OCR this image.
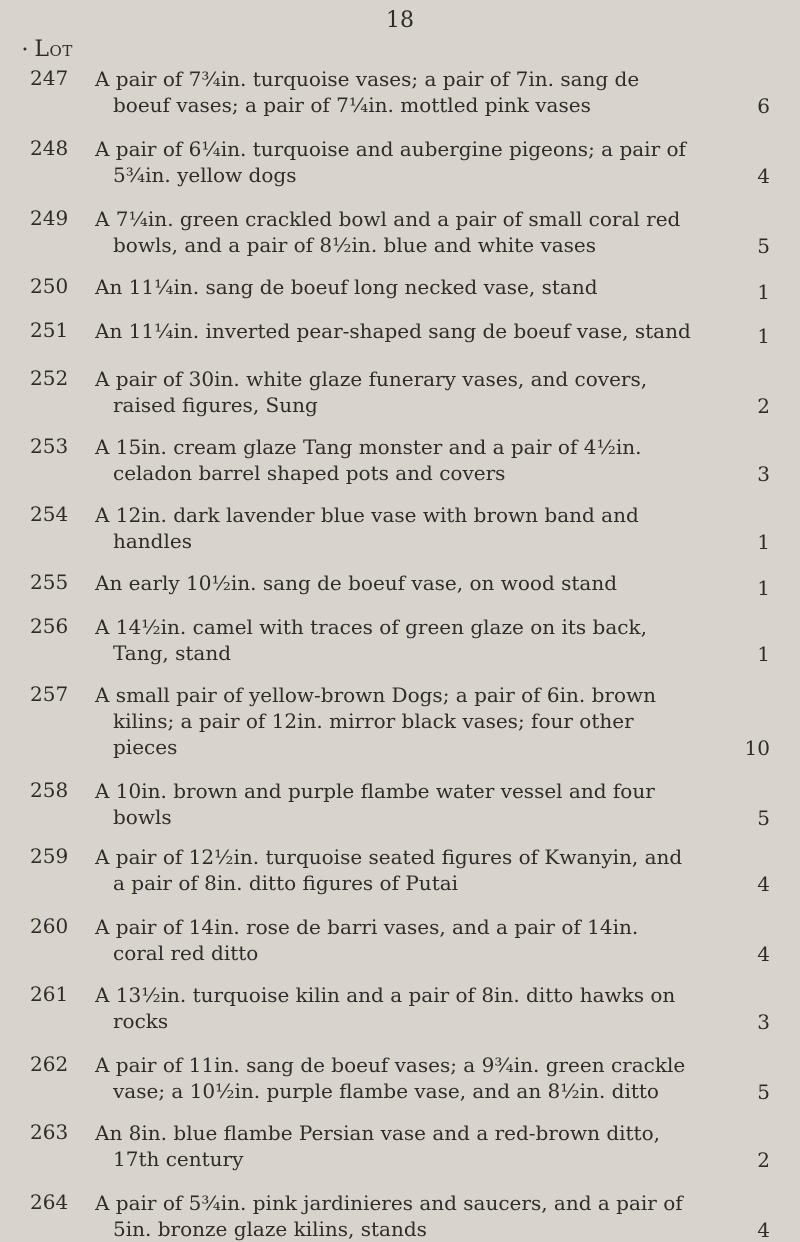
18
• Lot
247 A pair of 7¾in. turquoise vases; a pair of 7in. sang de boeuf vases; a pair of 7¼in. mottled pink vases	6
248 A pair of 6¼in. turquoise and aubergine pigeons; a pair of 5¾in. yellow dogs	4
249 A 7¼in. green crackled bowl and a pair of small coral red bowls, and a pair of 8½in. blue and white vases	5
250 An 11¼in. sang de boeuf long necked vase, stand	1
251 An 11¼in. inverted pear-shaped sang de boeuf vase, stand	1
252 A pair of 30in. white glaze funerary vases, and covers, raised figures, Sung	2
253 A 15in. cream glaze Tang monster and a pair of 4½in. celadon barrel shaped pots and covers	3
254 A 12in. dark lavender blue vase with brown band and handles	1
255 An early 10½in. sang de boeuf vase, on wood stand	1
256 A 14½in. camel with traces of green glaze on its back, Tang, stand	1
257 A small pair of yellow-brown Dogs; a pair of 6in. brown kilins; a pair of 12in. mirror black vases; four other pieces	10
258 A 10in. brown and purple flambe water vessel and four bowls	5
259 A pair of 12½in. turquoise seated figures of Kwanyin, and a pair of 8in. ditto figures of Putai	4
260 A pair of 14in. rose de barri vases, and a pair of 14in. coral red ditto	4
261 A 13½in. turquoise kilin and a pair of 8in. ditto hawks on rocks	3
262 A pair of 11in. sang de boeuf vases; a 9¾in. green crackle vase; a 10½in. purple flambe vase, and an 8½in. ditto	5
263 An 8in. blue flambe Persian vase and a red-brown ditto, 17th century	2
264 A pair of 5¾in. pink jardinieres and saucers, and a pair of 5in. bronze glaze kilins, stands	4
